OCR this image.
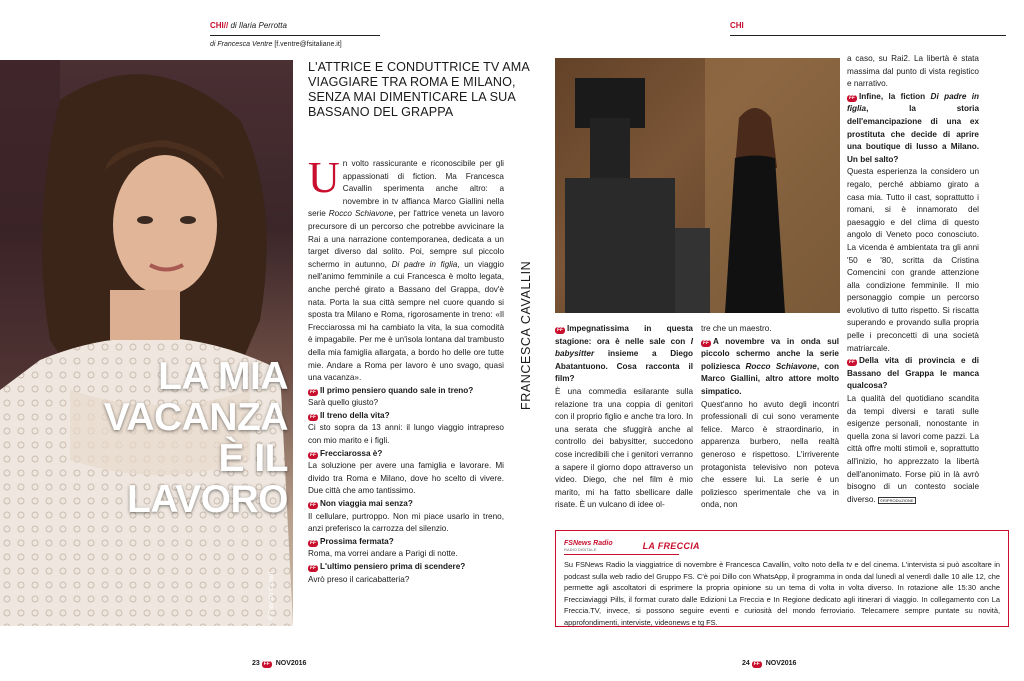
CHI// di Ilaria Perrotta
di Francesca Ventre [f.ventre@fsitaliane.it]
LA MIA
VACANZA
È IL LAVORO
© Fabrizio Cestari
L'ATTRICE E CONDUTTRICE TV AMA VIAGGIARE TRA ROMA E MILANO, SENZA MAI DIMENTICARE LA SUA BASSANO DEL GRAPPA

Un volto rassicurante e riconoscibile per gli appassionati di fiction. Ma Francesca Cavallin sperimenta anche altro: a novembre in tv affianca Marco Giallini nella serie Rocco Schiavone, per l'attrice veneta un lavoro precursore di un percorso che potrebbe avvicinare la Rai a una narrazione contemporanea, dedicata a un target diverso dal solito. Poi, sempre sul piccolo schermo in autunno, Di padre in figlia, un viaggio nell'animo femminile a cui Francesca è molto legata, anche perché girato a Bassano del Grappa, dov'è nata. Porta la sua città sempre nel cuore quando si sposta tra Milano e Roma, rigorosamente in treno: «Il Frecciarossa mi ha cambiato la vita, la sua comodità è impagabile. Per me è un'isola lontana dal trambusto della mia famiglia allargata, a bordo ho delle ore tutte mie. Andare a Roma per lavoro è uno svago, quasi una vacanza».

FF Il primo pensiero quando sale in treno?

Sarà quello giusto?

FF Il treno della vita?

Ci sto sopra da 13 anni: il lungo viaggio intrapreso con mio marito e i figli.

FF Frecciarossa è?

La soluzione per avere una famiglia e lavorare. Mi divido tra Roma e Milano, dove ho scelto di vivere. Due città che amo tantissimo.

FF Non viaggia mai senza?

Il cellulare, purtroppo. Non mi piace usarlo in treno, anzi preferisco la carrozza del silenzio.

FF Prossima fermata?

Roma, ma vorrei andare a Parigi di notte.

FF L'ultimo pensiero prima di scendere?

Avrò preso il caricabatteria?

CHI
FRANCESCA CAVALLIN	FF Impegnatissima in questa stagione: ora è nelle sale con I babysitter insieme a Diego Abatantuono. Cosa racconta il film?

È una commedia esilarante sulla relazione tra una coppia di genitori con il proprio figlio e anche tra loro. In una serata che sfuggirà anche al controllo dei babysitter, succedono cose incredibili che i genitori verranno a sapere il giorno dopo attraverso un video. Diego, che nel film è mio marito, mi ha fatto sbellicare dalle risate. È un vulcano di idee ol-

tre che un maestro.

FF A novembre va in onda sul piccolo schermo anche la serie poliziesca Rocco Schiavone, con Marco Giallini, altro attore molto simpatico.

Quest'anno ho avuto degli incontri professionali di cui sono veramente felice. Marco è straordinario, in apparenza burbero, nella realtà generoso e rispettoso. L'irriverente protagonista televisivo non poteva che essere lui. La serie è un poliziesco sperimentale che va in onda, non

a caso, su Rai2. La libertà è stata massima dal punto di vista registico e narrativo.

FF Infine, la fiction Di padre in figlia, la storia dell'emancipazione di una ex prostituta che decide di aprire una boutique di lusso a Milano. Un bel salto?

Questa esperienza la considero un regalo, perché abbiamo girato a casa mia. Tutto il cast, soprattutto i romani, si è innamorato del paesaggio e del clima di questo angolo di Veneto poco conosciuto. La vicenda è ambientata tra gli anni '50 e '80, scritta da Cristina Comencini con grande attenzione alla condizione femminile. Il mio personaggio compie un percorso evolutivo di tutto rispetto. Si riscatta superando e provando sulla propria pelle i preconcetti di una società matriarcale.

FF Della vita di provincia e di Bassano del Grappa le manca qualcosa?

La qualità del quotidiano scandita da tempi diversi e tarati sulle esigenze personali, nonostante in quella zona si lavori come pazzi. La città offre molti stimoli e, soprattutto all'inizio, ho apprezzato la libertà dell'anonimato. Forse più in là avrò bisogno di un contesto sociale diverso. ©RIPRODUZIONE

FSNews Radio
RADIO DIGITALE	LA FRECCIA

Su FSNews Radio la viaggiatrice di novembre è Francesca Cavallin, volto noto della tv e del cinema. L'intervista si può ascoltare in podcast sulla web radio del Gruppo FS. C'è poi Dillo con WhatsApp, il programma in onda dal lunedì al venerdì dalle 10 alle 12, che permette agli ascoltatori di esprimere la propria opinione su un tema di volta in volta diverso. In rotazione alle 15:30 anche Frecciaviaggi Pills, il format curato dalle Edizioni La Freccia e In Regione dedicato agli itinerari di viaggio. In collegamento con La Freccia.TV, invece, si possono seguire eventi e curiosità del mondo ferroviario. Telecamere sempre puntate su novità, approfondimenti, interviste, videonews e tg FS.

23 FF NOV2016	24 FF NOV2016
